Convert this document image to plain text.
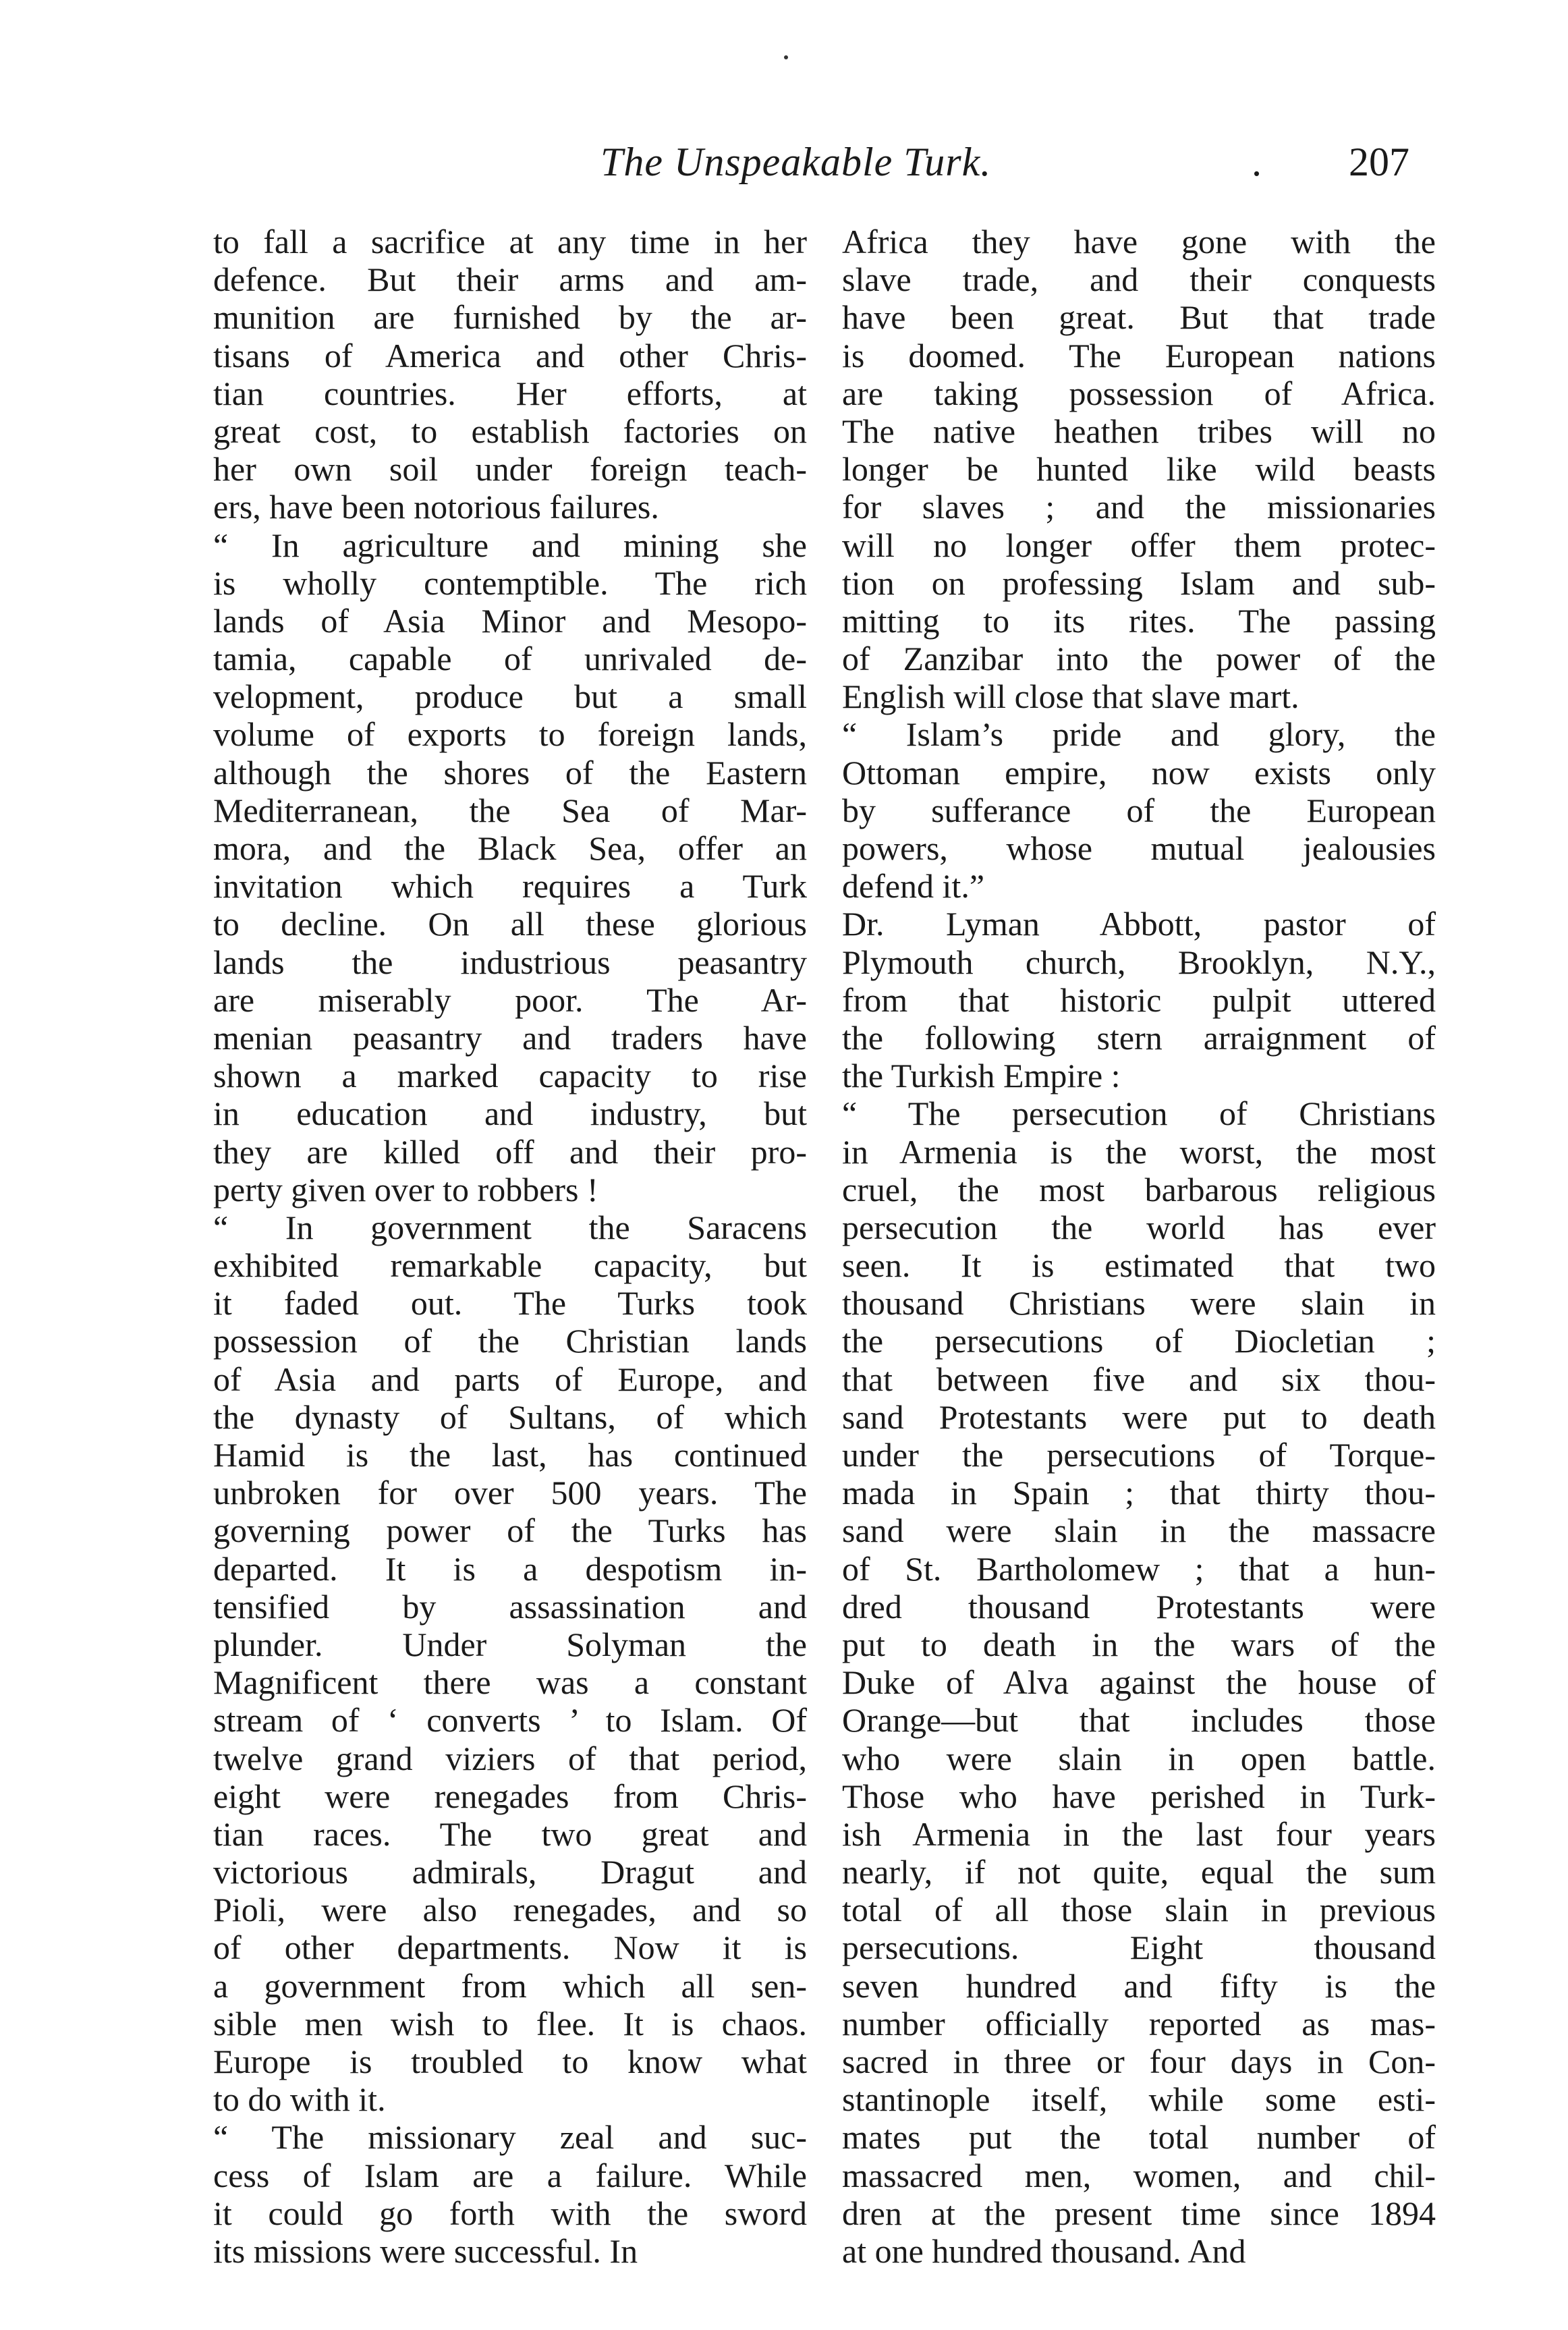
The Unspeakable Turk.	. 207
to fall a sacrifice at any time in her
defence. But their arms and am-
munition are furnished by the ar-
tisans of America and other Chris-
tian countries. Her efforts, at
great cost, to establish factories on
her own soil under foreign teach-
ers, have been notorious failures.
“ In agriculture and mining she
is wholly contemptible. The rich
lands of Asia Minor and Mesopo-
tamia, capable of unrivaled de-
velopment, produce but a small
volume of exports to foreign lands,
although the shores of the Eastern
Mediterranean, the Sea of Mar-
mora, and the Black Sea, offer an
invitation which requires a Turk
to decline. On all these glorious
lands the industrious peasantry
are miserably poor. The Ar-
menian peasantry and traders have
shown a marked capacity to rise
in education and industry, but
they are killed off and their pro-
perty given over to robbers !
“ In government the Saracens
exhibited remarkable capacity, but
it faded out. The Turks took
possession of the Christian lands
of Asia and parts of Europe, and
the dynasty of Sultans, of which
Hamid is the last, has continued
unbroken for over 500 years. The
governing power of the Turks has
departed. It is a despotism in-
tensified by assassination and
plunder. Under Solyman the
Magnificent there was a constant
stream of ‘ converts ’ to Islam. Of
twelve grand viziers of that period,
eight were renegades from Chris-
tian races. The two great and
victorious admirals, Dragut and
Pioli, were also renegades, and so
of other departments. Now it is
a government from which all sen-
sible men wish to flee. It is chaos.
Europe is troubled to know what
to do with it.
“ The missionary zeal and suc-
cess of Islam are a failure. While
it could go forth with the sword
its missions were successful. In
Africa they have gone with the
slave trade, and their conquests
have been great. But that trade
is doomed. The European nations
are taking possession of Africa.
The native heathen tribes will no
longer be hunted like wild beasts
for slaves ; and the missionaries
will no longer offer them protec-
tion on professing Islam and sub-
mitting to its rites. The passing
of Zanzibar into the power of the
English will close that slave mart.
“ Islam’s pride and glory, the
Ottoman empire, now exists only
by sufferance of the European
powers, whose mutual jealousies
defend it.”
Dr. Lyman Abbott, pastor of
Plymouth church, Brooklyn, N.Y.,
from that historic pulpit uttered
the following stern arraignment of
the Turkish Empire :
“ The persecution of Christians
in Armenia is the worst, the most
cruel, the most barbarous religious
persecution the world has ever
seen. It is estimated that two
thousand Christians were slain in
the persecutions of Diocletian ;
that between five and six thou-
sand Protestants were put to death
under the persecutions of Torque-
mada in Spain ; that thirty thou-
sand were slain in the massacre
of St. Bartholomew ; that a hun-
dred thousand Protestants were
put to death in the wars of the
Duke of Alva against the house of
Orange—but that includes those
who were slain in open battle.
Those who have perished in Turk-
ish Armenia in the last four years
nearly, if not quite, equal the sum
total of all those slain in previous
persecutions. Eight thousand
seven hundred and fifty is the
number officially reported as mas-
sacred in three or four days in Con-
stantinople itself, while some esti-
mates put the total number of
massacred men, women, and chil-
dren at the present time since 1894
at one hundred thousand. And
